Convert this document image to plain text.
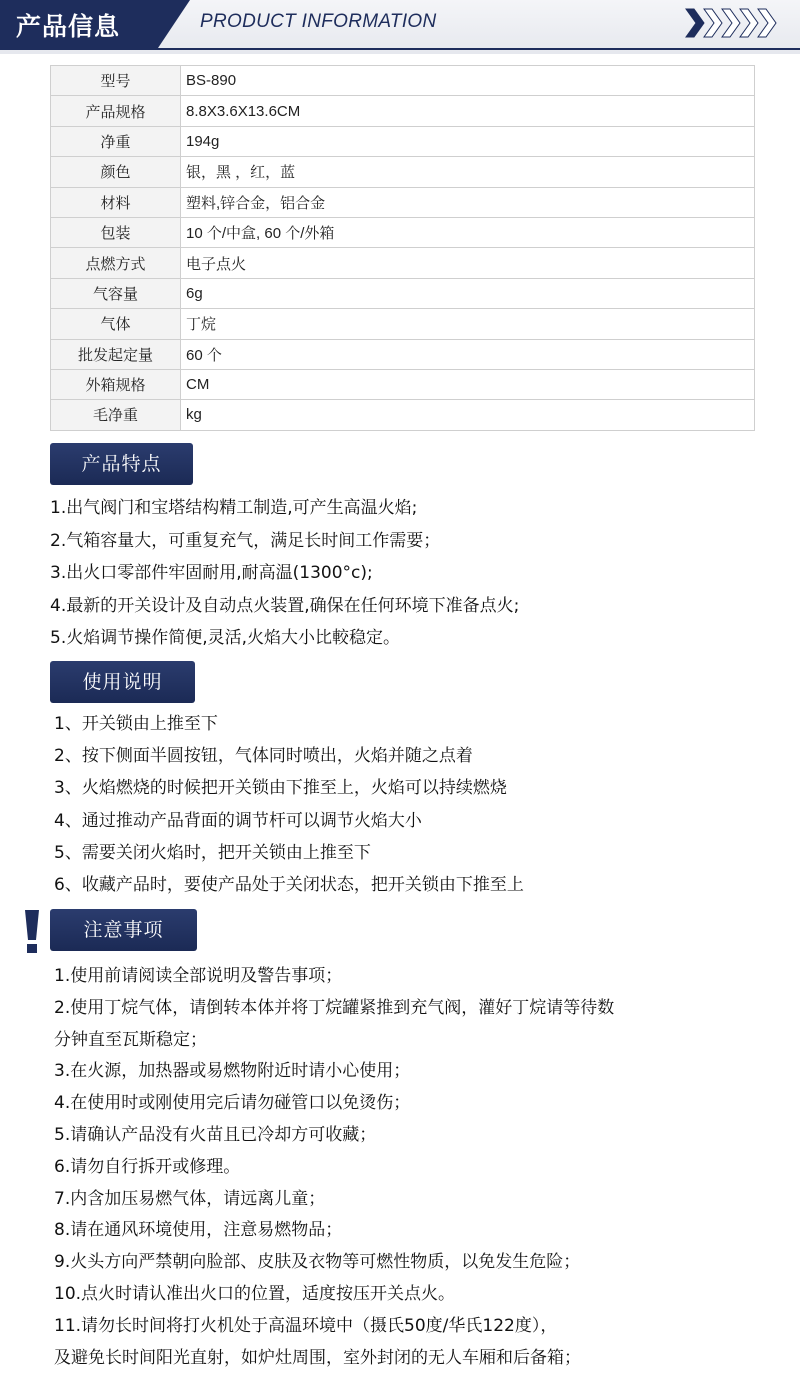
产品信息	PRODUCT INFORMATION
型号	BS-890
产品规格	8.8X3.6X13.6CM
净重	194g
颜色	银，黑 ，红，蓝
材料	塑料,锌合金，铝合金
包装	10 个/中盒, 60 个/外箱
点燃方式	电子点火
气容量	6g
气体	丁烷
批发起定量	60 个
外箱规格	CM
毛净重	kg
产品特点
1.出气阀门和宝塔结构精工制造,可产生高温火焰;
2.气箱容量大，可重复充气，满足长时间工作需要；
3.出火口零部件牢固耐用,耐高温(1300°c);
4.最新的开关设计及自动点火装置,确保在任何环境下准备点火;
5.火焰调节操作简便,灵活,火焰大小比較稳定。
使用说明
1、开关锁由上推至下
2、按下侧面半圆按钮，气体同时喷出，火焰并随之点着
3、火焰燃烧的时候把开关锁由下推至上，火焰可以持续燃烧
4、通过推动产品背面的调节杆可以调节火焰大小
5、需要关闭火焰时，把开关锁由上推至下
6、收藏产品时，要使产品处于关闭状态，把开关锁由下推至上
注意事项
1.使用前请阅读全部说明及警告事项；
2.使用丁烷气体，请倒转本体并将丁烷罐紧推到充气阀，灌好丁烷请等待数
分钟直至瓦斯稳定；
3.在火源，加热器或易燃物附近时请小心使用；
4.在使用时或刚使用完后请勿碰管口以免烫伤；
5.请确认产品没有火苗且已冷却方可收藏；
6.请勿自行拆开或修理。
7.内含加压易燃气体，请远离儿童；
8.请在通风环境使用，注意易燃物品；
9.火头方向严禁朝向脸部、皮肤及衣物等可燃性物质，以免发生危险；
10.点火时请认准出火口的位置，适度按压开关点火。
11.请勿长时间将打火机处于高温环境中（摄氏50度/华氏122度），
及避免长时间阳光直射，如炉灶周围，室外封闭的无人车厢和后备箱；
